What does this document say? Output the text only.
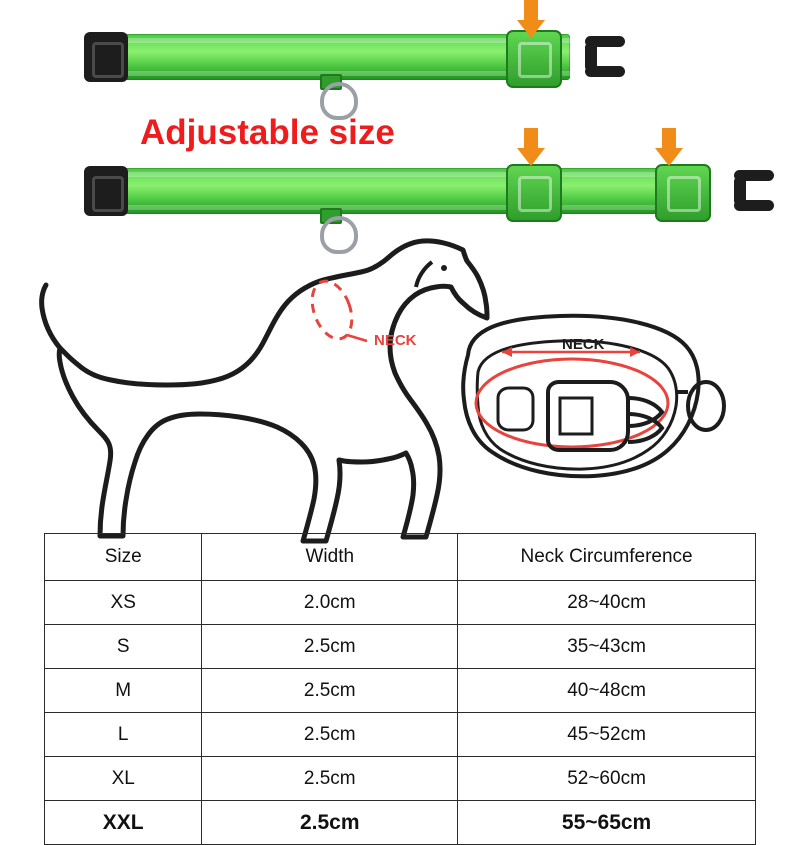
Adjustable size
NECK	NECK
Size	Width	Neck Circumference
XS	2.0cm	28~40cm
S	2.5cm	35~43cm
M	2.5cm	40~48cm
L	2.5cm	45~52cm
XL	2.5cm	52~60cm
XXL	2.5cm	55~65cm
